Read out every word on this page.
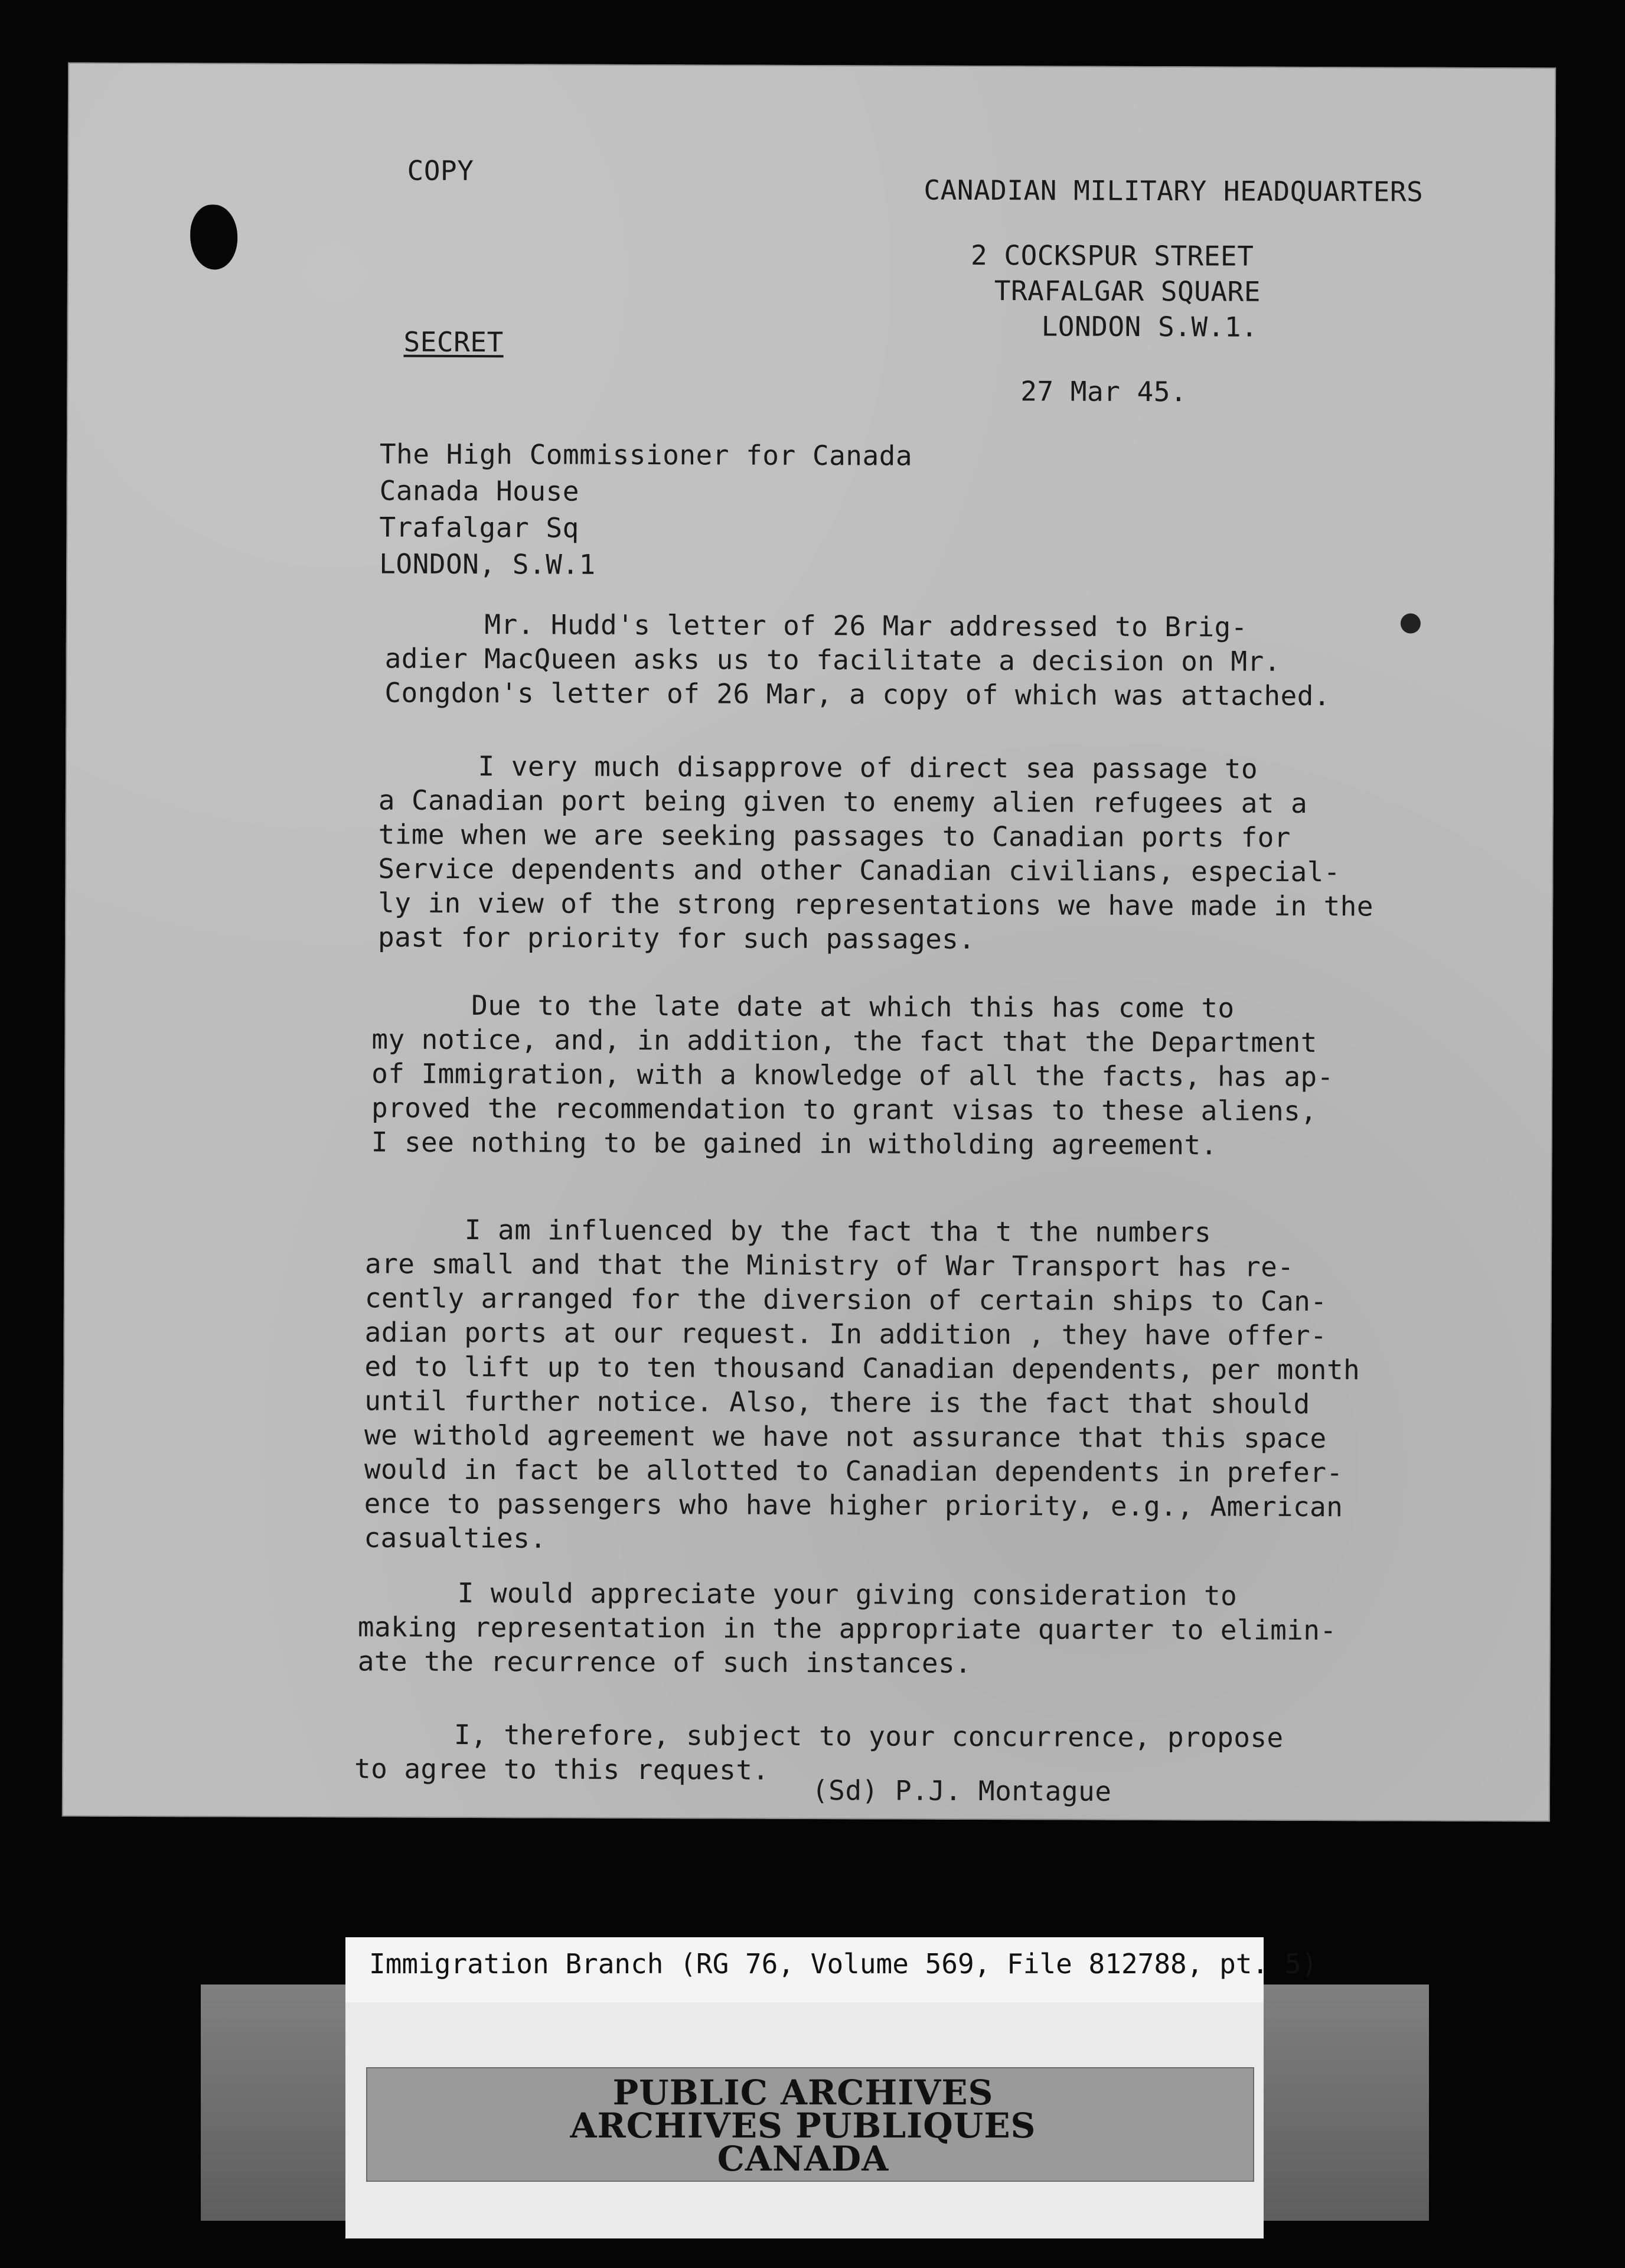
COPY
CANADIAN MILITARY HEADQUARTERS
2 COCKSPUR STREET
TRAFALGAR SQUARE
LONDON S.W.1.
SECRET
27 Mar 45.
The High Commissioner for Canada
Canada House
Trafalgar Sq
LONDON, S.W.1
Mr. Hudd's letter of 26 Mar addressed to Brig-
adier MacQueen asks us to facilitate a decision on Mr.
Congdon's letter of 26 Mar, a copy of which was attached.
I very much disapprove of direct sea passage to
a Canadian port being given to enemy alien refugees at a
time when we are seeking passages to Canadian ports for
Service dependents and other Canadian civilians, especial-
ly in view of the strong representations we have made in the
past for priority for such passages.
Due to the late date at which this has come to
my notice, and, in addition, the fact that the Department
of Immigration, with a knowledge of all the facts, has ap-
proved the recommendation to grant visas to these aliens,
I see nothing to be gained in witholding agreement.
I am influenced by the fact tha t the numbers
are small and that the Ministry of War Transport has re-
cently arranged for the diversion of certain ships to Can-
adian ports at our request. In addition , they have offer-
ed to lift up to ten thousand Canadian dependents, per month
until further notice. Also, there is the fact that should
we withold agreement we have not assurance that this space
would in fact be allotted to Canadian dependents in prefer-
ence to passengers who have higher priority, e.g., American
casualties.
I would appreciate your giving consideration to
making representation in the appropriate quarter to elimin-
ate the recurrence of such instances.
I, therefore, subject to your concurrence, propose
to agree to this request.
(Sd) P.J. Montague
Immigration Branch (RG 76, Volume 569, File 812788, pt. 5)
PUBLIC ARCHIVES
ARCHIVES PUBLIQUES
CANADA
